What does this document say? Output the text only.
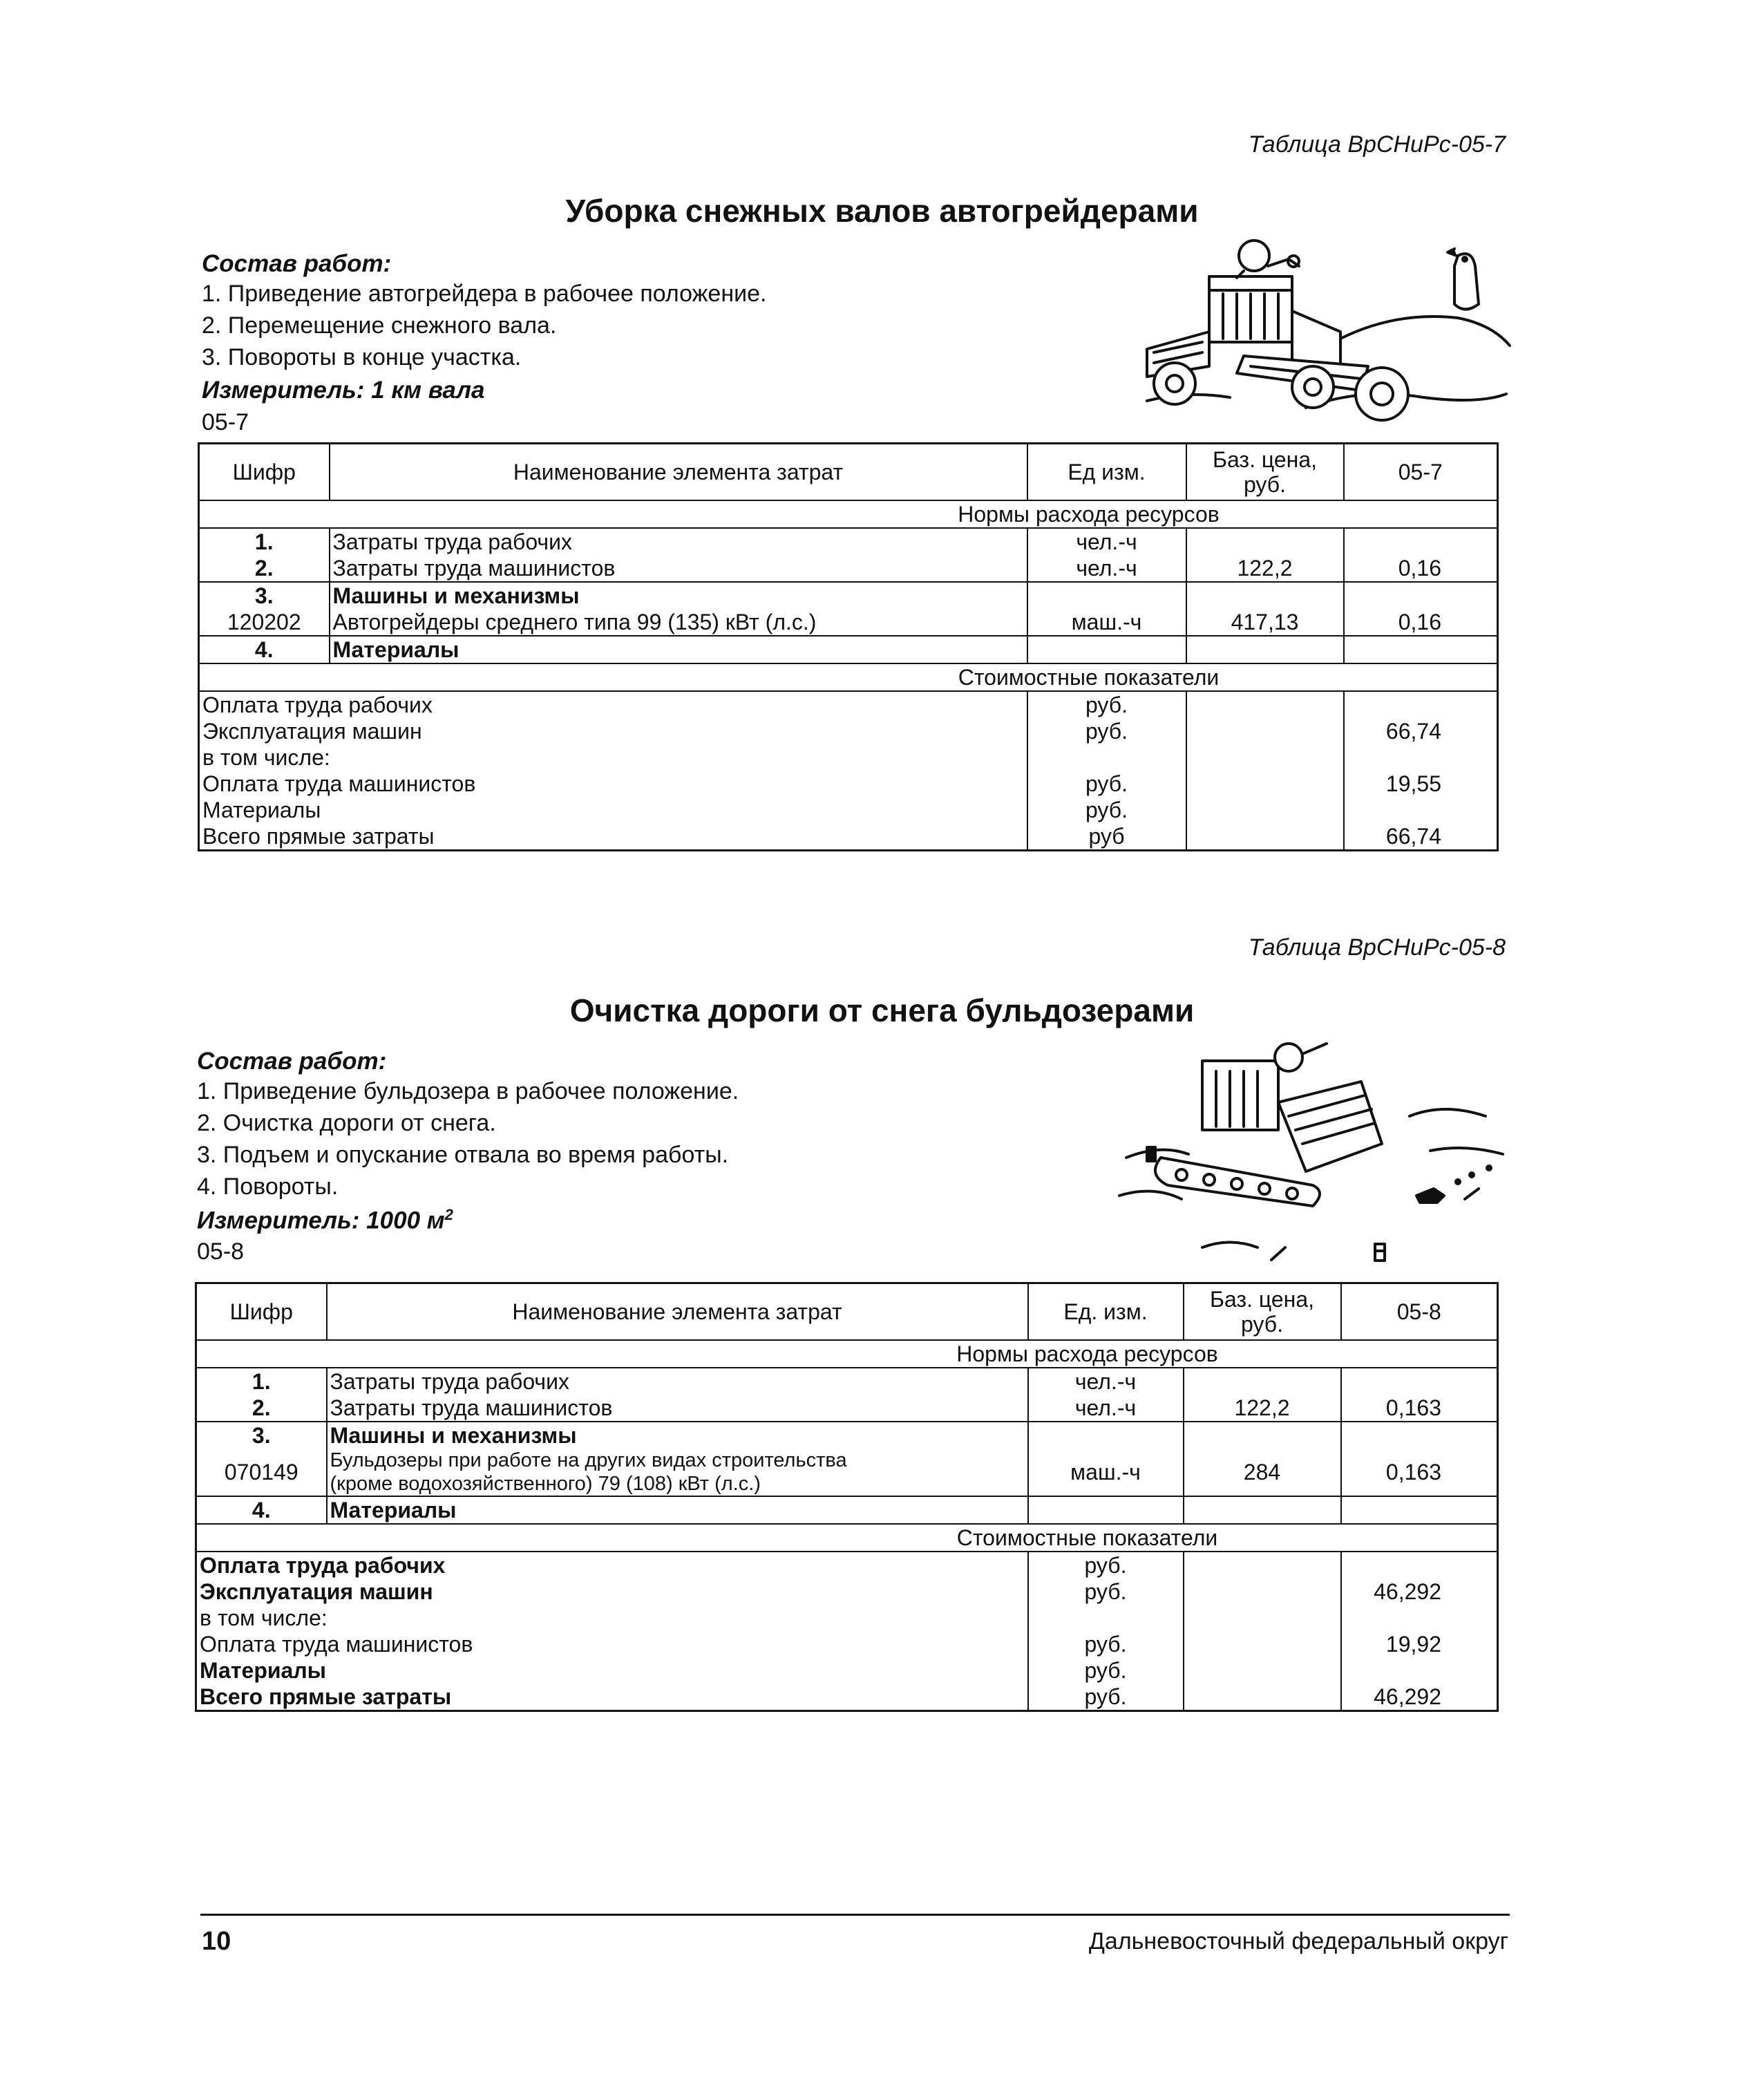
Таблица ВрСНиРс-05-7
Уборка снежных валов автогрейдерами
Состав работ:
1. Приведение автогрейдера в рабочее положение.
2. Перемещение снежного вала.
3. Повороты в конце участка.
Измеритель: 1 км вала
05-7
Шифр	Наименование элемента затрат	Ед изм.	Баз. цена, руб.	05-7
Нормы расхода ресурсов				
1.	Затраты труда рабочих	чел.-ч		
2.	Затраты труда машинистов	чел.-ч	122,2	0,16
3.	Машины и механизмы			
120202	Автогрейдеры среднего типа 99 (135) кВт (л.с.)	маш.-ч	417,13	0,16
4.	Материалы			
Стоимостные показатели				
Оплата труда рабочих		руб.		
Эксплуатация машин		руб.		66,74
в том числе:				
Оплата труда машинистов		руб.		19,55
Материалы		руб.		
Всего прямые затраты		руб		66,74
Таблица ВрСНиРс-05-8
Очистка дороги от снега бульдозерами
Состав работ:
1. Приведение бульдозера в рабочее положение.
2. Очистка дороги от снега.
3. Подъем и опускание отвала во время работы.
4. Повороты.
Измеритель: 1000 $м^2$
05-8
Шифр	Наименование элемента затрат	Ед. изм.	Баз. цена, руб.	05-8
Нормы расхода ресурсов				
1.	Затраты труда рабочих	чел.-ч		
2.	Затраты труда машинистов	чел.-ч	122,2	0,163
3.	Машины и механизмы			
070149	Бульдозеры при работе на других видах строительства
(кроме водохозяйственного) 79 (108) кВт (л.с.)	маш.-ч	284	0,163
4.	Материалы			
Стоимостные показатели				
Оплата труда рабочих		руб.		
Эксплуатация машин		руб.		46,292
в том числе:				
Оплата труда машинистов		руб.		19,92
Материалы		руб.		
Всего прямые затраты		руб.		46,292
10	Дальневосточный федеральный округ
